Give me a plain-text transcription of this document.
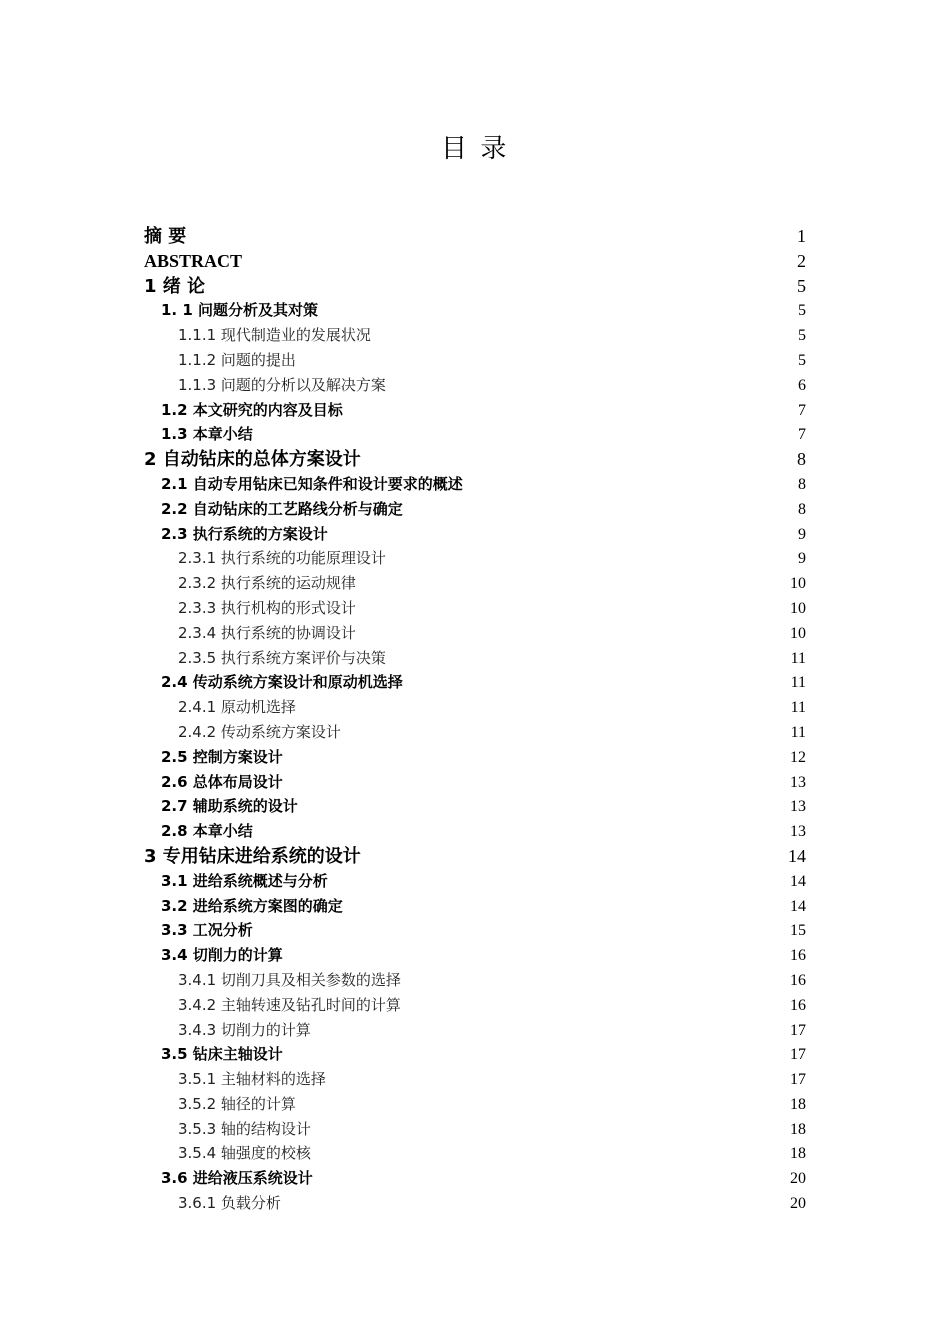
目 录
摘 要	1
ABSTRACT	2
1 绪 论	5
1. 1 问题分析及其对策	5
1.1.1 现代制造业的发展状况	5
1.1.2 问题的提出	5
1.1.3 问题的分析以及解决方案	6
1.2 本文研究的内容及目标	7
1.3 本章小结	7
2 自动钻床的总体方案设计	8
2.1 自动专用钻床已知条件和设计要求的概述	8
2.2 自动钻床的工艺路线分析与确定	8
2.3 执行系统的方案设计	9
2.3.1 执行系统的功能原理设计	9
2.3.2 执行系统的运动规律	10
2.3.3 执行机构的形式设计	10
2.3.4 执行系统的协调设计	10
2.3.5 执行系统方案评价与决策	11
2.4 传动系统方案设计和原动机选择	11
2.4.1 原动机选择	11
2.4.2 传动系统方案设计	11
2.5 控制方案设计	12
2.6 总体布局设计	13
2.7 辅助系统的设计	13
2.8 本章小结	13
3 专用钻床进给系统的设计	14
3.1 进给系统概述与分析	14
3.2 进给系统方案图的确定	14
3.3 工况分析	15
3.4 切削力的计算	16
3.4.1 切削刀具及相关参数的选择	16
3.4.2 主轴转速及钻孔时间的计算	16
3.4.3 切削力的计算	17
3.5 钻床主轴设计	17
3.5.1 主轴材料的选择	17
3.5.2 轴径的计算	18
3.5.3 轴的结构设计	18
3.5.4 轴强度的校核	18
3.6 进给液压系统设计	20
3.6.1 负载分析	20
